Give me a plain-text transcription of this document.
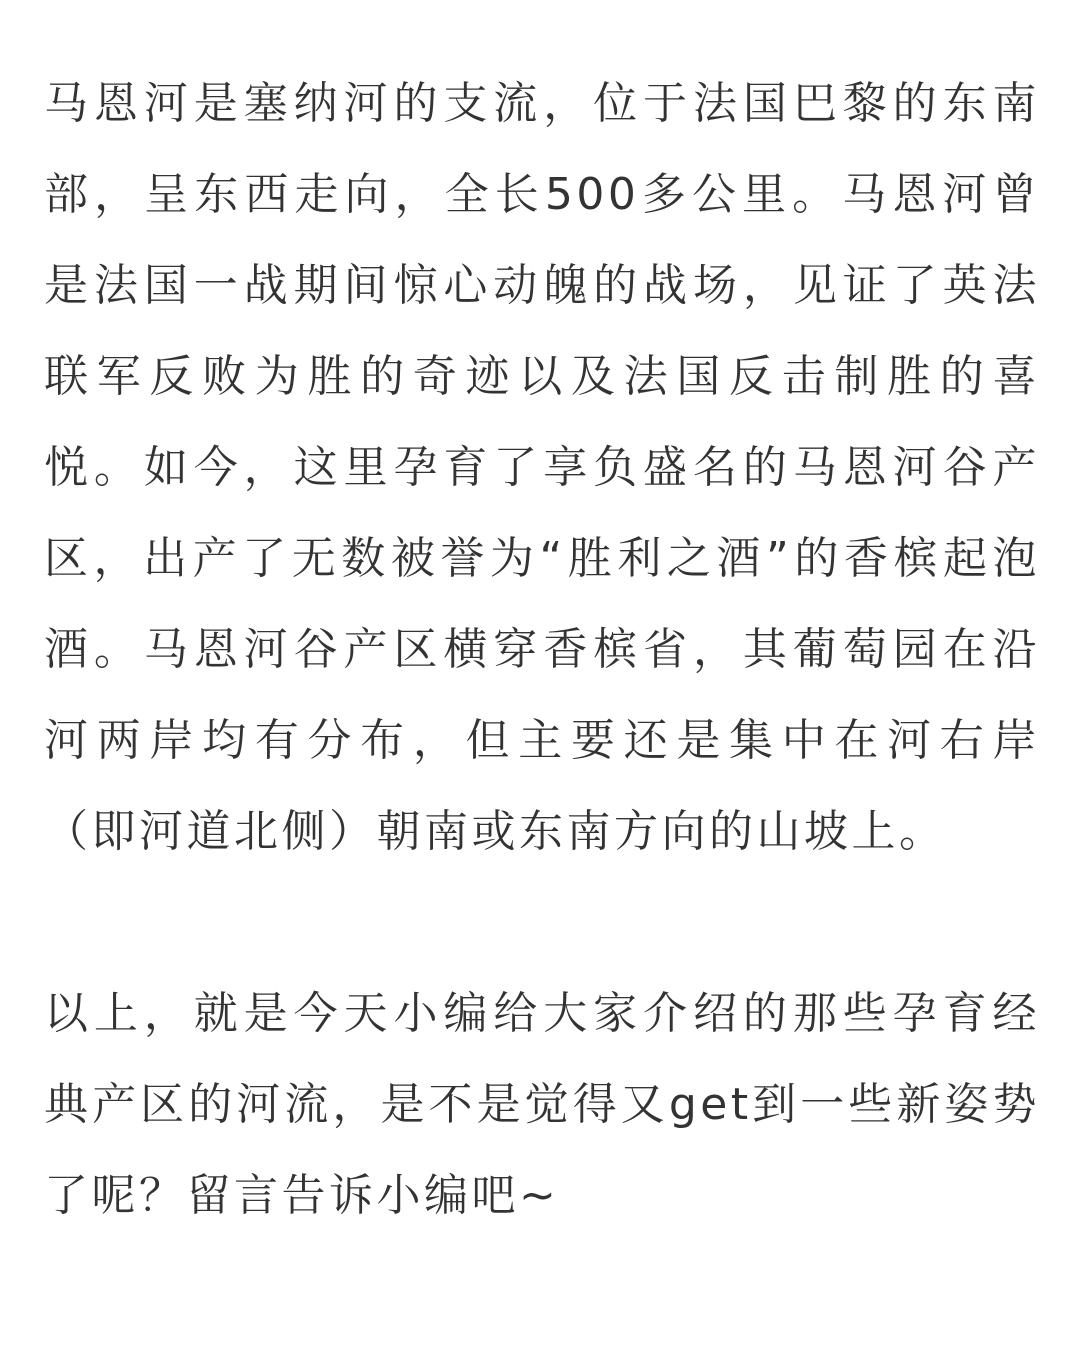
马恩河是塞纳河的支流，位于法国巴黎的东南部，呈东西走向，全长500多公里。马恩河曾是法国一战期间惊心动魄的战场，见证了英法联军反败为胜的奇迹以及法国反击制胜的喜悦。如今，这里孕育了享负盛名的马恩河谷产区，出产了无数被誉为“胜利之酒”的香槟起泡酒。马恩河谷产区横穿香槟省，其葡萄园在沿河两岸均有分布，但主要还是集中在河右岸（即河道北侧）朝南或东南方向的山坡上。

以上，就是今天小编给大家介绍的那些孕育经典产区的河流，是不是觉得又get到一些新姿势了呢？留言告诉小编吧~
